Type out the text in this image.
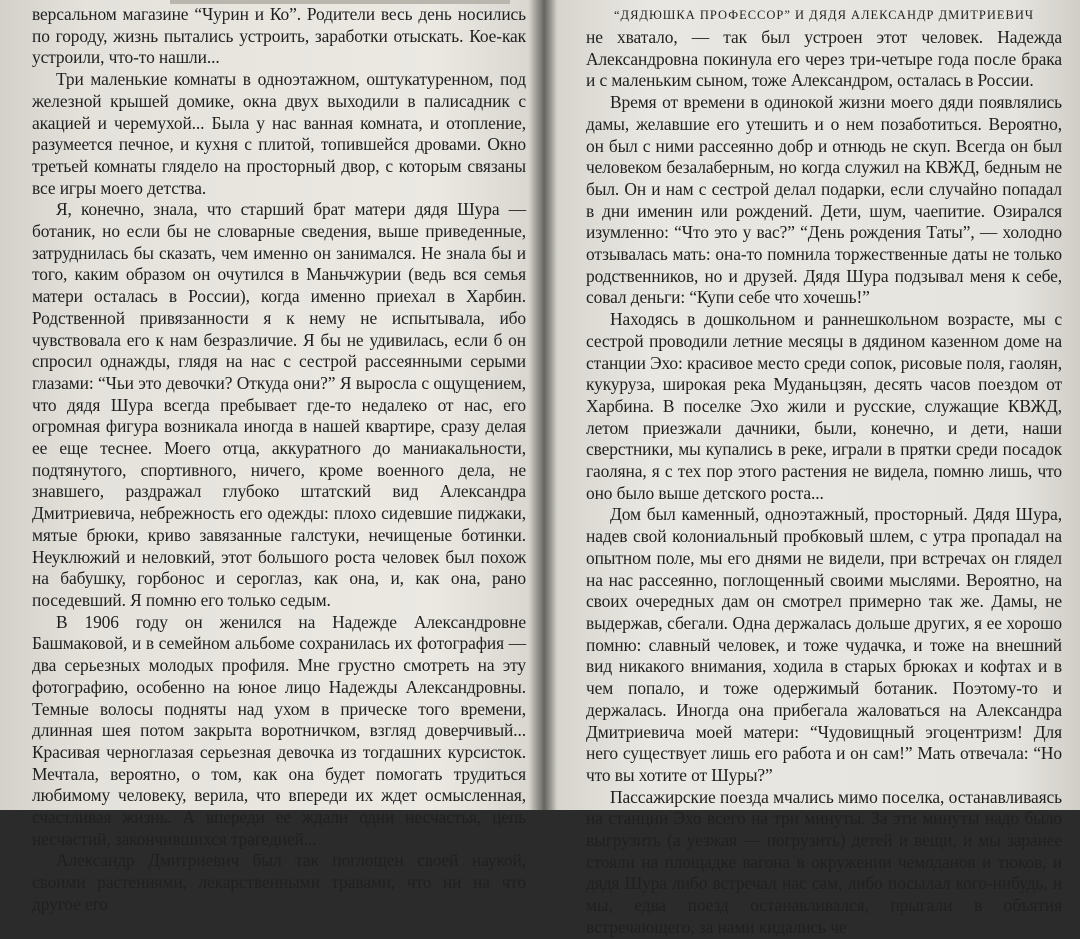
версальном магазине “Чурин и Ко”. Родители весь день носились по городу, жизнь пытались устроить, заработки отыскать. Кое-как устроили, что-то нашли...

Три маленькие комнаты в одноэтажном, оштукатуренном, под железной крышей домике, окна двух выходили в палисадник с акацией и черемухой... Была у нас ванная комната, и отопление, разумеется печное, и кухня с плитой, топившейся дровами. Окно третьей комнаты глядело на просторный двор, с которым связаны все игры моего детства.

Я, конечно, знала, что старший брат матери дядя Шура — ботаник, но если бы не словарные сведения, выше приведенные, затруднилась бы сказать, чем именно он занимался. Не знала бы и того, каким образом он очутился в Маньчжурии (ведь вся семья матери осталась в России), когда именно приехал в Харбин. Родственной привязанности я к нему не испытывала, ибо чувствовала его к нам безразличие. Я бы не удивилась, если б он спросил однажды, глядя на нас с сестрой рассеянными серыми глазами: “Чьи это девочки? Откуда они?” Я выросла с ощущением, что дядя Шура всегда пребывает где-то недалеко от нас, его огромная фигура возникала иногда в нашей квартире, сразу делая ее еще теснее. Моего отца, аккуратного до маниакальности, подтянутого, спортивного, ничего, кроме военного дела, не знавшего, раздражал глубоко штатский вид Александра Дмитриевича, небрежность его одежды: плохо сидевшие пиджаки, мятые брюки, криво завязанные галстуки, нечищеные ботинки. Неуклюжий и неловкий, этот большого роста человек был похож на бабушку, горбонос и сероглаз, как она, и, как она, рано поседевший. Я помню его только седым.

В 1906 году он женился на Надежде Александровне Башмаковой, и в семейном альбоме сохранилась их фотография — два серьезных молодых профиля. Мне грустно смотреть на эту фотографию, особенно на юное лицо Надежды Александровны. Темные волосы подняты над ухом в прическе того времени, длинная шея потом закрыта воротничком, взгляд доверчивый... Красивая черноглазая серьезная девочка из тогдашних курсисток. Мечтала, вероятно, о том, как она будет помогать трудиться любимому человеку, верила, что впереди их ждет осмысленная, счастливая жизнь. А впереди ее ждали одни несчастья, цепь несчастий, закончившихся трагедией...

Александр Дмитриевич был так поглощен своей наукой, своими растениями, лекарственными травами, что ни на что другое его

“ДЯДЮШКА ПРОФЕССОР” И ДЯДЯ АЛЕКСАНДР ДМИТРИЕВИЧ

не хватало, — так был устроен этот человек. Надежда Александровна покинула его через три-четыре года после брака и с маленьким сыном, тоже Александром, осталась в России.

Время от времени в одинокой жизни моего дяди появлялись дамы, желавшие его утешить и о нем позаботиться. Вероятно, он был с ними рассеянно добр и отнюдь не скуп. Всегда он был человеком безалаберным, но когда служил на КВЖД, бедным не был. Он и нам с сестрой делал подарки, если случайно попадал в дни именин или рождений. Дети, шум, чаепитие. Озирался изумленно: “Что это у вас?” “День рождения Таты”, — холодно отзывалась мать: она-то помнила торжественные даты не только родственников, но и друзей. Дядя Шура подзывал меня к себе, совал деньги: “Купи себе что хочешь!”

Находясь в дошкольном и раннешкольном возрасте, мы с сестрой проводили летние месяцы в дядином казенном доме на станции Эхо: красивое место среди сопок, рисовые поля, гаолян, кукуруза, широкая река Муданьцзян, десять часов поездом от Харбина. В поселке Эхо жили и русские, служащие КВЖД, летом приезжали дачники, были, конечно, и дети, наши сверстники, мы купались в реке, играли в прятки среди посадок гаоляна, я с тех пор этого растения не видела, помню лишь, что оно было выше детского роста...

Дом был каменный, одноэтажный, просторный. Дядя Шура, надев свой колониальный пробковый шлем, с утра пропадал на опытном поле, мы его днями не видели, при встречах он глядел на нас рассеянно, поглощенный своими мыслями. Вероятно, на своих очередных дам он смотрел примерно так же. Дамы, не выдержав, сбегали. Одна держалась дольше других, я ее хорошо помню: славный человек, и тоже чудачка, и тоже на внешний вид никакого внимания, ходила в старых брюках и кофтах и в чем попало, и тоже одержимый ботаник. Поэтому-то и держалась. Иногда она прибегала жаловаться на Александра Дмитриевича моей матери: “Чудовищный эгоцентризм! Для него существует лишь его работа и он сам!” Мать отвечала: “Но что вы хотите от Шуры?”

Пассажирские поезда мчались мимо поселка, останавливаясь на станции Эхо всего на три минуты. За эти минуты надо было выгрузить (а уезжая — погрузить) детей и вещи, и мы заранее стояли на площадке вагона в окружении чемоданов и тюков, и дядя Шура либо встречал нас сам, либо посылал кого-нибудь, и мы, едва поезд останавливался, прыгали в объятия встречающего, за нами кидались че
